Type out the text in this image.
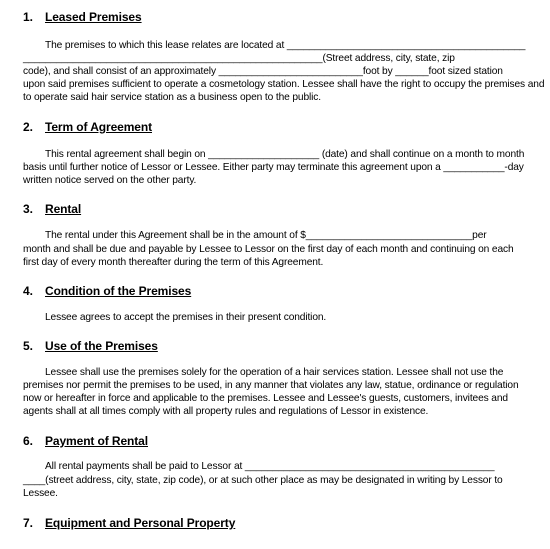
1. Leased Premises
The premises to which this lease relates are located at ___________________________________________
______________________________________________________(Street address, city, state, zip
code), and shall consist of an approximately __________________________foot by ______foot sized station
upon said premises sufficient to operate a cosmetology station. Lessee shall have the right to occupy the premises and
to operate said hair service station as a business open to the public.
2. Term of Agreement
This rental agreement shall begin on ____________________ (date) and shall continue on a month to month
basis until further notice of Lessor or Lessee. Either party may terminate this agreement upon a ___________-day
written notice served on the other party.
3. Rental
The rental under this Agreement shall be in the amount of $______________________________per
month and shall be due and payable by Lessee to Lessor on the first day of each month and continuing on each
first day of every month thereafter during the term of this Agreement.
4. Condition of the Premises
Lessee agrees to accept the premises in their present condition.
5. Use of the Premises
Lessee shall use the premises solely for the operation of a hair services station. Lessee shall not use the
premises nor permit the premises to be used, in any manner that violates any law, statue, ordinance or regulation
now or hereafter in force and applicable to the premises. Lessee and Lessee's guests, customers, invitees and
agents shall at all times comply with all property rules and regulations of Lessor in existence.
6. Payment of Rental
All rental payments shall be paid to Lessor at _____________________________________________
____(street address, city, state, zip code), or at such other place as may be designated in writing by Lessor to
Lessee.
7. Equipment and Personal Property
